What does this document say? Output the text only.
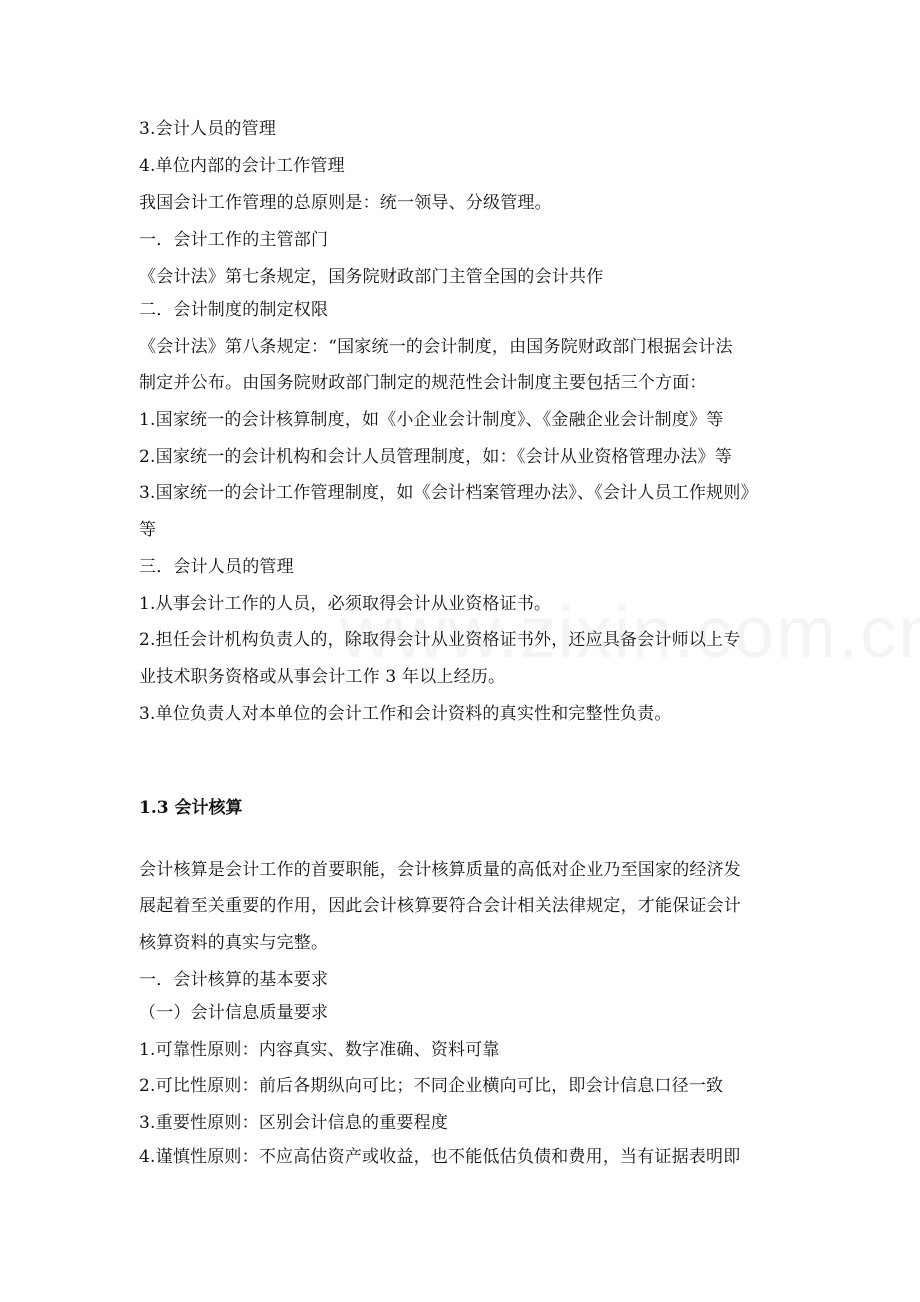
3.会计人员的管理
4.单位内部的会计工作管理
我国会计工作管理的总原则是：统一领导、分级管理。
一．会计工作的主管部门
《会计法》第七条规定，国务院财政部门主管全国的会计共作
二．会计制度的制定权限
《会计法》第八条规定：“国家统一的会计制度，由国务院财政部门根据会计法
制定并公布。由国务院财政部门制定的规范性会计制度主要包括三个方面：
1.国家统一的会计核算制度，如《小企业会计制度》、《金融企业会计制度》等
2.国家统一的会计机构和会计人员管理制度，如：《会计从业资格管理办法》等
3.国家统一的会计工作管理制度，如《会计档案管理办法》、《会计人员工作规则》
等
三．会计人员的管理
1.从事会计工作的人员，必须取得会计从业资格证书。
2.担任会计机构负责人的，除取得会计从业资格证书外，还应具备会计师以上专
业技术职务资格或从事会计工作 3 年以上经历。
3.单位负责人对本单位的会计工作和会计资料的真实性和完整性负责。
1.3 会计核算
会计核算是会计工作的首要职能，会计核算质量的高低对企业乃至国家的经济发
展起着至关重要的作用，因此会计核算要符合会计相关法律规定，才能保证会计
核算资料的真实与完整。
一．会计核算的基本要求
（一）会计信息质量要求
1.可靠性原则：内容真实、数字准确、资料可靠
2.可比性原则：前后各期纵向可比；不同企业横向可比，即会计信息口径一致
3.重要性原则：区别会计信息的重要程度
4.谨慎性原则：不应高估资产或收益，也不能低估负债和费用，当有证据表明即
